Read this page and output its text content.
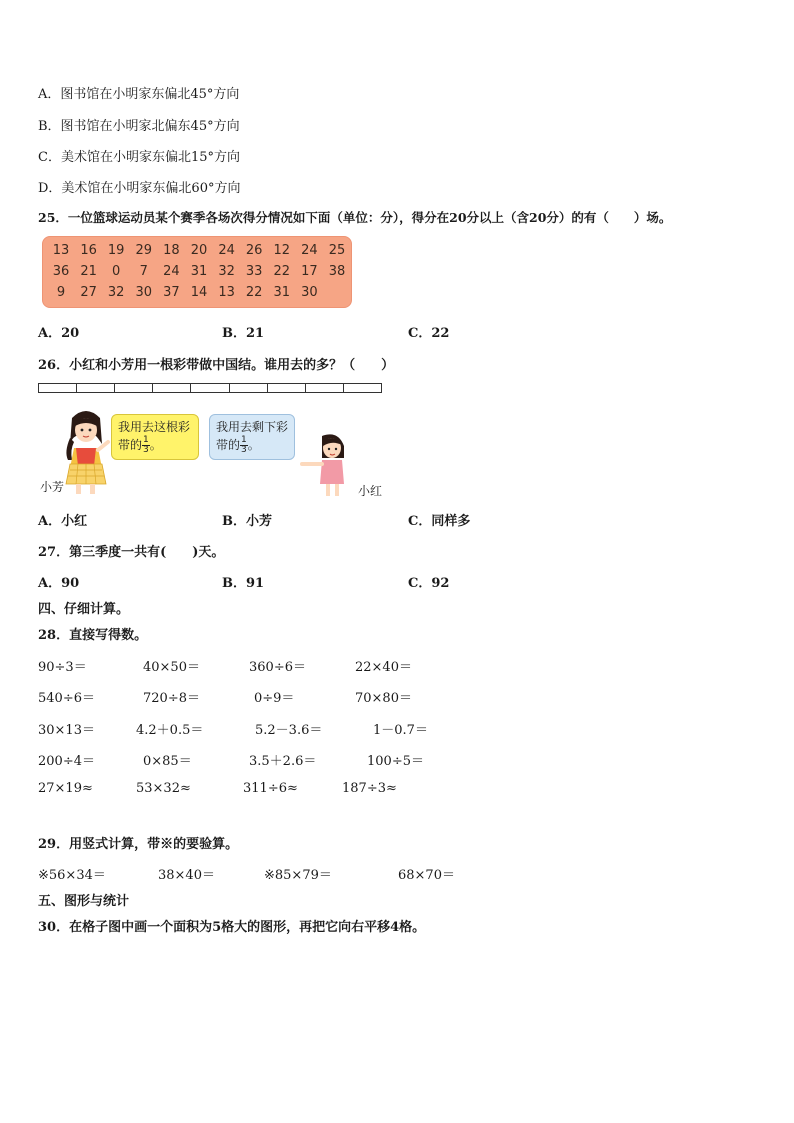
A．图书馆在小明家东偏北45°方向
B．图书馆在小明家北偏东45°方向
C．美术馆在小明家东偏北15°方向
D．美术馆在小明家东偏北60°方向
25．一位篮球运动员某个赛季各场次得分情况如下面（单位：分），得分在20分以上（含20分）的有（　　）场。
13 16 19 29 18 20 24 26 12 24 25
36 21	0	7	24 31 32 33 22 17 38
9	27 32 30 37 14 13 22 31 30
A．20	B．21	C．22
26．小红和小芳用一根彩带做中国结。谁用去的多？（　　）
我用去这根彩带的 $\frac{1}{3}$ 。
我用去剩下彩带的 $\frac{1}{3}$ 。
小芳	小红
A．小红	B．小芳	C．同样多
27．第三季度一共有(　　)天。
A．90	B．91	C．92
四、仔细计算。
28．直接写得数。
90÷3＝	40×50＝	360÷6＝	22×40＝
540÷6＝	720÷8＝	0÷9＝	70×80＝
30×13＝	4.2＋0.5＝	5.2－3.6＝	1－0.7＝
200÷4＝	0×85＝	3.5＋2.6＝	100÷5＝
27×19≈	53×32≈	311÷6≈	187÷3≈
29．用竖式计算，带※的要验算。
※56×34＝	38×40＝	※85×79＝	68×70＝
五、图形与统计
30．在格子图中画一个面积为5格大的图形，再把它向右平移4格。
